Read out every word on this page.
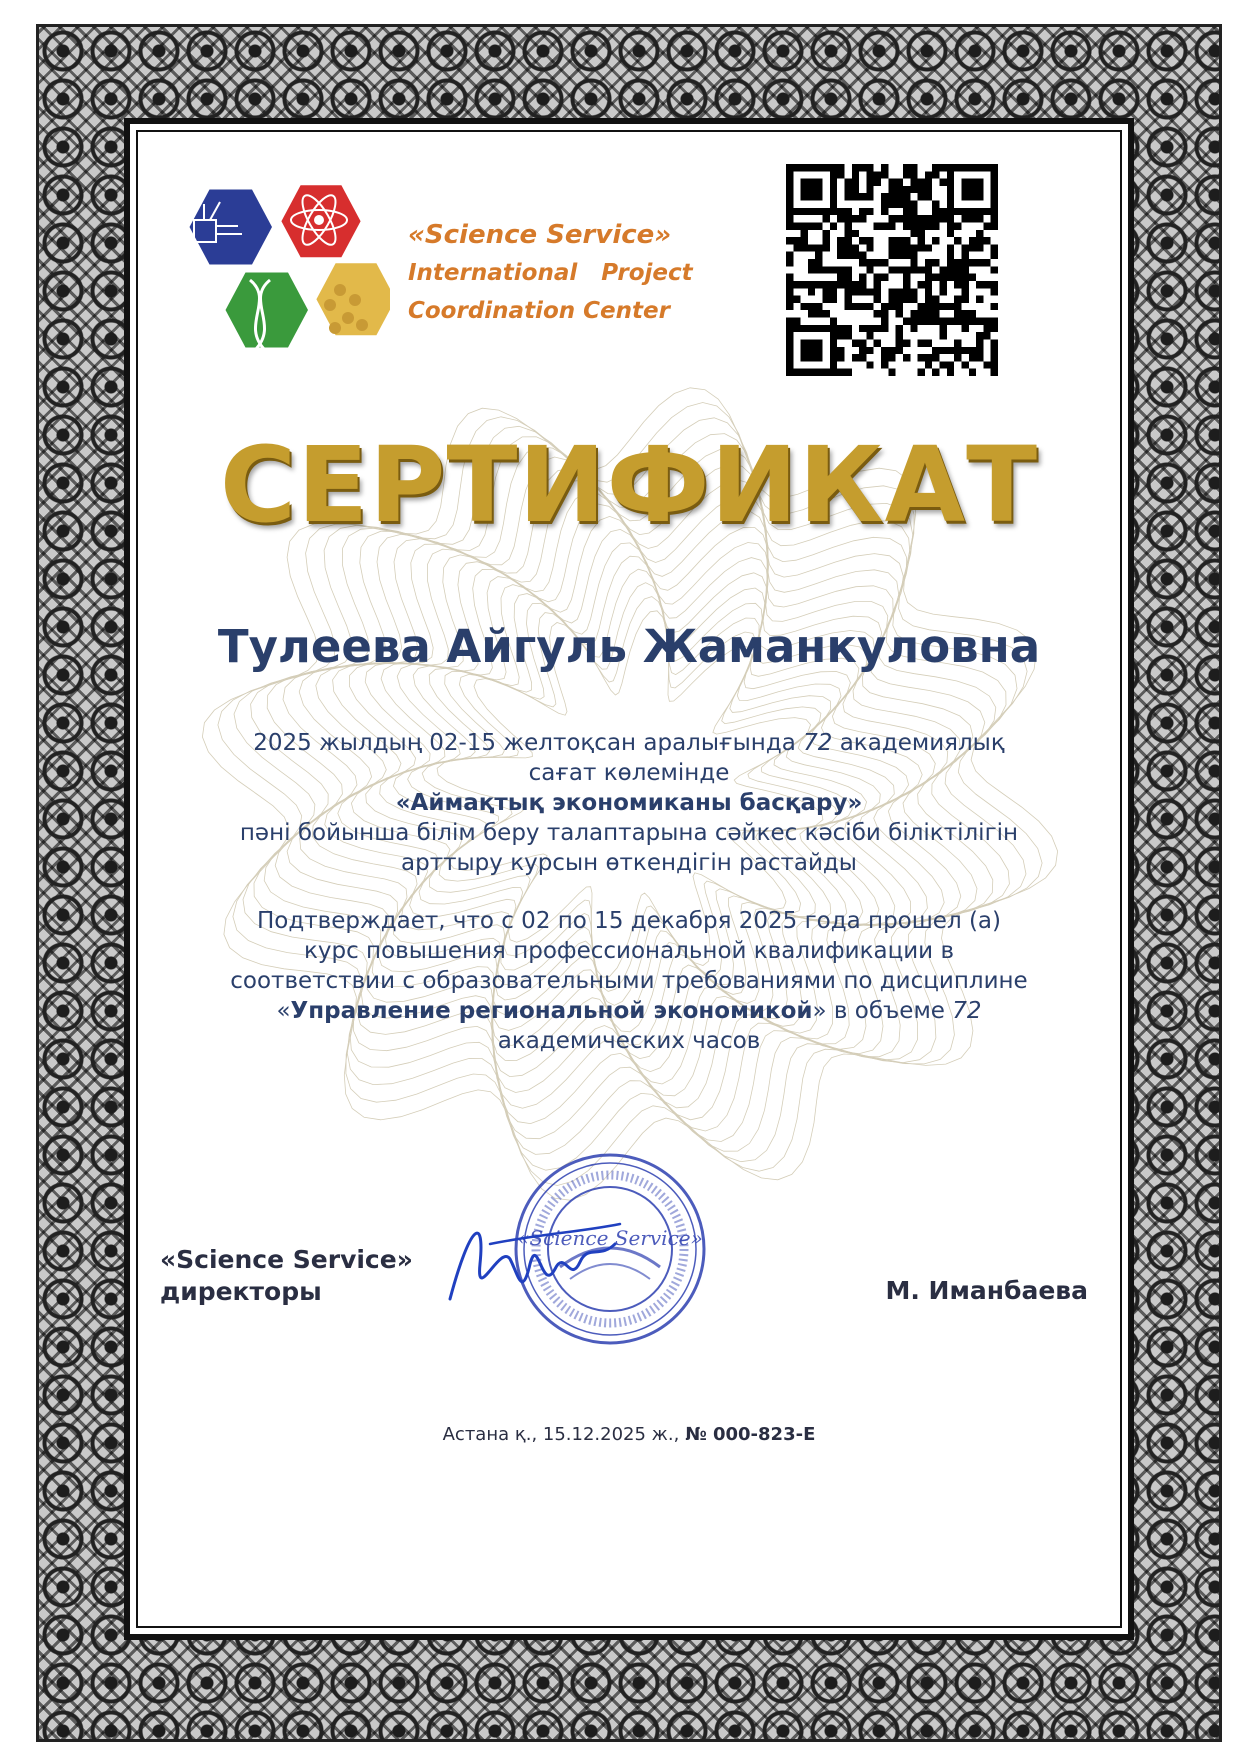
«Science Service»
International   Project
Coordination Center
СЕРТИФИКАТ
Тулеева Айгуль Жаманкуловна
2025 жылдың 02-15 желтоқсан аралығында 72 академиялық
сағат көлемінде
«Аймақтық экономиканы басқару»
пәні бойынша білім беру талаптарына сәйкес кәсіби біліктілігін
арттыру курсын өткендігін растайды
Подтверждает, что с 02 по 15 декабря 2025 года прошел (а)
курс повышения профессиональной квалификации в
соответствии с образовательными требованиями по дисциплине
«Управление региональной экономикой» в объеме 72
академических часов
«Science Service»
директоры
«Science Service»
М. Иманбаева
Астана қ., 15.12.2025 ж., № 000-823-Е
